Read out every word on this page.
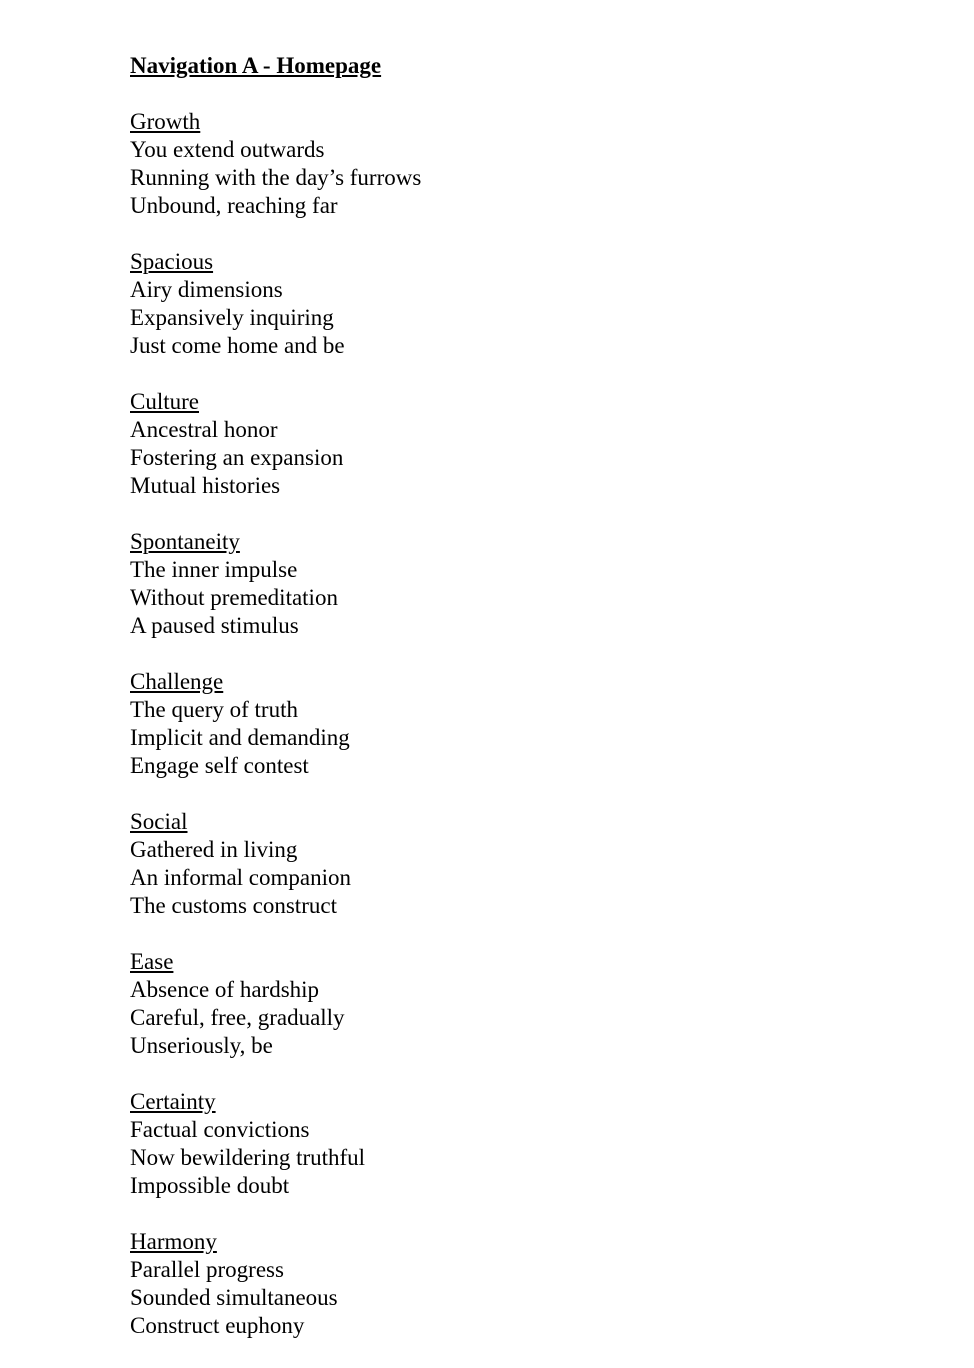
Navigation A - Homepage
Growth
You extend outwards
Running with the day’s furrows
Unbound, reaching far
Spacious
Airy dimensions
Expansively inquiring
Just come home and be
Culture
Ancestral honor
Fostering an expansion
Mutual histories
Spontaneity
The inner impulse
Without premeditation
A paused stimulus
Challenge
The query of truth
Implicit and demanding
Engage self contest
Social
Gathered in living
An informal companion
The customs construct
Ease
Absence of hardship
Careful, free, gradually
Unseriously, be
Certainty
Factual convictions
Now bewildering truthful
Impossible doubt
Harmony
Parallel progress
Sounded simultaneous
Construct euphony
